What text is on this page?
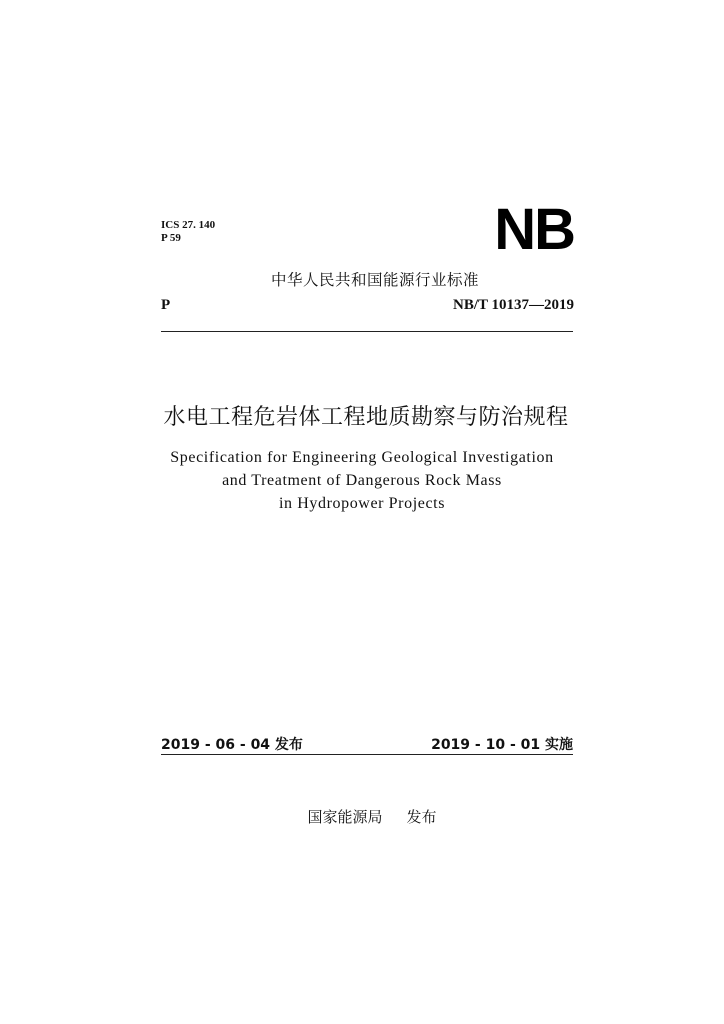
ICS 27. 140
P 59	NB
中华人民共和国能源行业标准
P	NB/T 10137—2019
水电工程危岩体工程地质勘察与防治规程
Specification for Engineering Geological Investigation
and Treatment of Dangerous Rock Mass
in Hydropower Projects
2019 - 06 - 04 发布	2019 - 10 - 01 实施
国家能源局 发布
